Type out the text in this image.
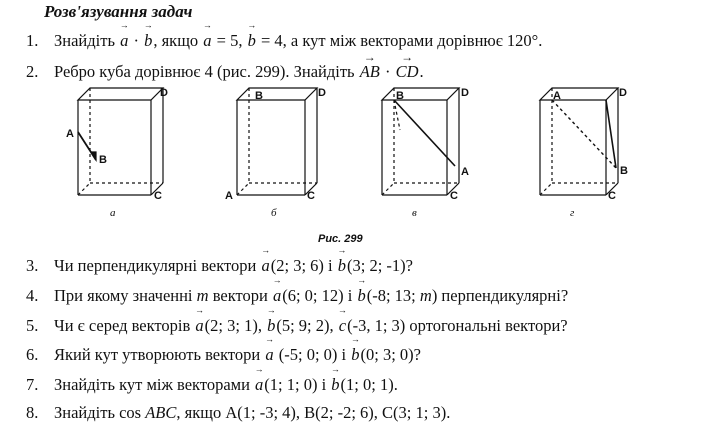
Розв'язування задач
1. Знайдіть → a · → b, якщо → a = 5, → b = 4, а кут між векторами дорівнює 120°.
2. Ребро куба дорівнює 4 (рис. 299). Знайдіть → AB · → CD.
A
B
C
D
а
A
B
C
D
б
A
B
C
D
в
A
B
C
D
г
Рис. 299
3. Чи перпендикулярні вектори → a(2; 3; 6) і → b(3; 2; -1)?
4. При якому значенні m вектори → a(6; 0; 12) і → b(-8; 13; m) перпендикулярні?
5. Чи є серед векторів → a(2; 3; 1), → b(5; 9; 2), → c(-3, 1; 3) ортогональні вектори?
6. Який кут утворюють вектори → a (-5; 0; 0) і → b(0; 3; 0)?
7. Знайдіть кут між векторами → a(1; 1; 0) і → b(1; 0; 1).
8. Знайдіть cos ABC, якщо A(1; -3; 4), B(2; -2; 6), C(3; 1; 3).
